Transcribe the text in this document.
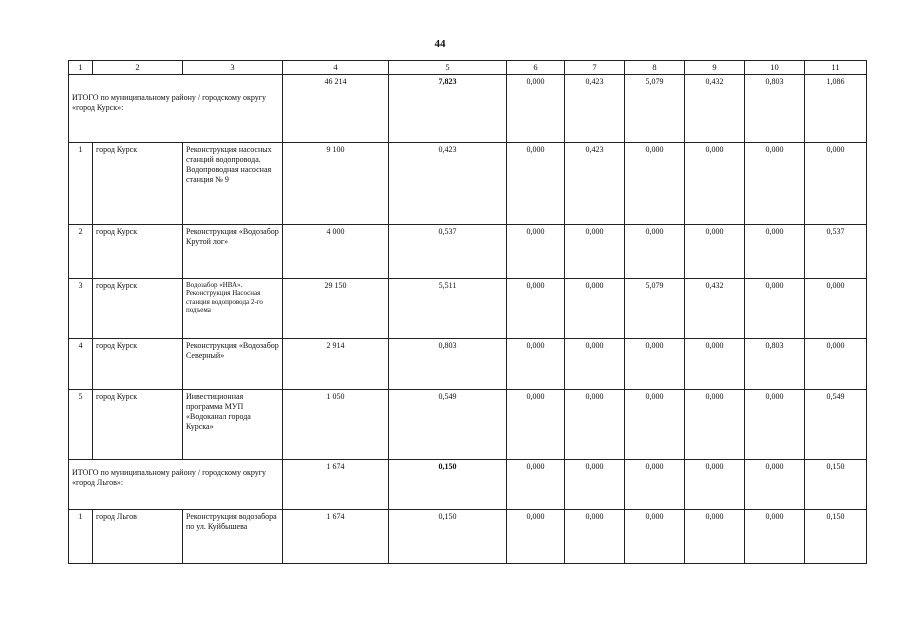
44
1	2	3	4	5	6	7	8	9	10	11
ИТОГО по муниципальному району / городскому округу «город Курск»:			46 214	7,823	0,000	0,423	5,079	0,432	0,803	1,086
1	город Курск	Реконструкция насосных станций водопровода. Водопроводная насосная станция № 9	9 100	0,423	0,000	0,423	0,000	0,000	0,000	0,000
2	город Курск	Реконструкция «Водозабор Крутой лог»	4 000	0,537	0,000	0,000	0,000	0,000	0,000	0,537
3	город Курск	Водозабор «НВА». Реконструкция Насосная станция водопровода 2-го подъема	29 150	5,511	0,000	0,000	5,079	0,432	0,000	0,000
4	город Курск	Реконструкция «Водозабор Северный»	2 914	0,803	0,000	0,000	0,000	0,000	0,803	0,000
5	город Курск	Инвестиционная программа МУП «Водоканал города Курска»	1 050	0,549	0,000	0,000	0,000	0,000	0,000	0,549
ИТОГО по муниципальному району / городскому округу «город Льгов»:			1 674	0,150	0,000	0,000	0,000	0,000	0,000	0,150
1	город Льгов	Реконструкция водозабора по ул. Куйбышева	1 674	0,150	0,000	0,000	0,000	0,000	0,000	0,150
